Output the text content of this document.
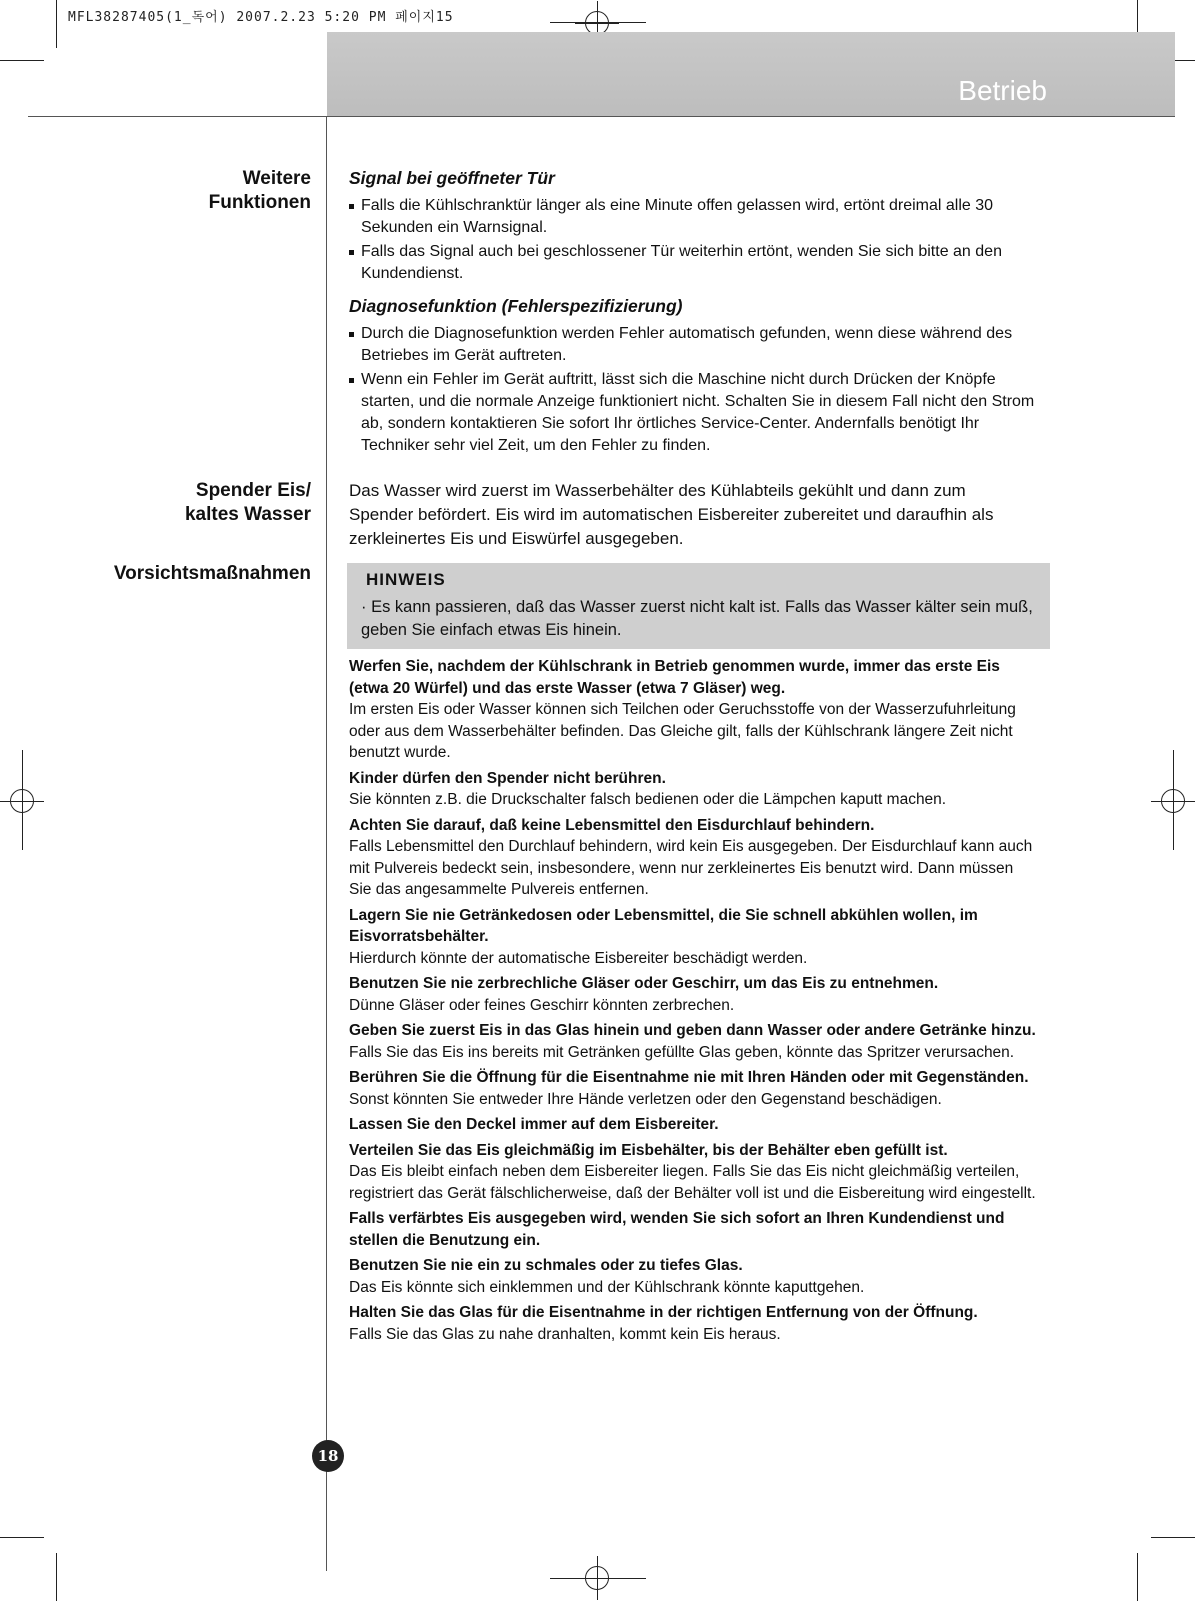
MFL38287405(1_독어) 2007.2.23 5:20 PM 페이지15
Betrieb
Weitere
Funktionen
Spender Eis/
kaltes Wasser
Vorsichtsmaßnahmen
Signal bei geöffneter Tür
Falls die Kühlschranktür länger als eine Minute offen gelassen wird, ertönt dreimal alle 30 Sekunden ein Warnsignal.
Falls das Signal auch bei geschlossener Tür weiterhin ertönt, wenden Sie sich bitte an den Kundendienst.
Diagnosefunktion (Fehlerspezifizierung)
Durch die Diagnosefunktion werden Fehler automatisch gefunden, wenn diese während des Betriebes im Gerät auftreten.
Wenn ein Fehler im Gerät auftritt, lässt sich die Maschine nicht durch Drücken der Knöpfe starten, und die normale Anzeige funktioniert nicht. Schalten Sie in diesem Fall nicht den Strom ab, sondern kontaktieren Sie sofort Ihr örtliches Service-Center. Andernfalls benötigt Ihr Techniker sehr viel Zeit, um den Fehler zu finden.
Das Wasser wird zuerst im Wasserbehälter des Kühlabteils gekühlt und dann zum Spender befördert. Eis wird im automatischen Eisbereiter zubereitet und daraufhin als zerkleinertes Eis und Eiswürfel ausgegeben.
HINWEIS
· Es kann passieren, daß das Wasser zuerst nicht kalt ist. Falls das Wasser kälter sein muß, geben Sie einfach etwas Eis hinein.
Werfen Sie, nachdem der Kühlschrank in Betrieb genommen wurde, immer das erste Eis (etwa 20 Würfel) und das erste Wasser (etwa 7 Gläser) weg.
Im ersten Eis oder Wasser können sich Teilchen oder Geruchsstoffe von der Wasserzufuhrleitung oder aus dem Wasserbehälter befinden. Das Gleiche gilt, falls der Kühlschrank längere Zeit nicht benutzt wurde.
Kinder dürfen den Spender nicht berühren.
Sie könnten z.B. die Druckschalter falsch bedienen oder die Lämpchen kaputt machen.
Achten Sie darauf, daß keine Lebensmittel den Eisdurchlauf behindern.
Falls Lebensmittel den Durchlauf behindern, wird kein Eis ausgegeben. Der Eisdurchlauf kann auch mit Pulvereis bedeckt sein, insbesondere, wenn nur zerkleinertes Eis benutzt wird. Dann müssen Sie das angesammelte Pulvereis entfernen.
Lagern Sie nie Getränkedosen oder Lebensmittel, die Sie schnell abkühlen wollen, im Eisvorratsbehälter.
Hierdurch könnte der automatische Eisbereiter beschädigt werden.
Benutzen Sie nie zerbrechliche Gläser oder Geschirr, um das Eis zu entnehmen.
Dünne Gläser oder feines Geschirr könnten zerbrechen.
Geben Sie zuerst Eis in das Glas hinein und geben dann Wasser oder andere Getränke hinzu.
Falls Sie das Eis ins bereits mit Getränken gefüllte Glas geben, könnte das Spritzer verursachen.
Berühren Sie die Öffnung für die Eisentnahme nie mit Ihren Händen oder mit Gegenständen.
Sonst könnten Sie entweder Ihre Hände verletzen oder den Gegenstand beschädigen.
Lassen Sie den Deckel immer auf dem Eisbereiter.
Verteilen Sie das Eis gleichmäßig im Eisbehälter, bis der Behälter eben gefüllt ist.
Das Eis bleibt einfach neben dem Eisbereiter liegen. Falls Sie das Eis nicht gleichmäßig verteilen, registriert das Gerät fälschlicherweise, daß der Behälter voll ist und die Eisbereitung wird eingestellt.
Falls verfärbtes Eis ausgegeben wird, wenden Sie sich sofort an Ihren Kundendienst und stellen die Benutzung ein.
Benutzen Sie nie ein zu schmales oder zu tiefes Glas.
Das Eis könnte sich einklemmen und der Kühlschrank könnte kaputtgehen.
Halten Sie das Glas für die Eisentnahme in der richtigen Entfernung von der Öffnung.
Falls Sie das Glas zu nahe dranhalten, kommt kein Eis heraus.
18
